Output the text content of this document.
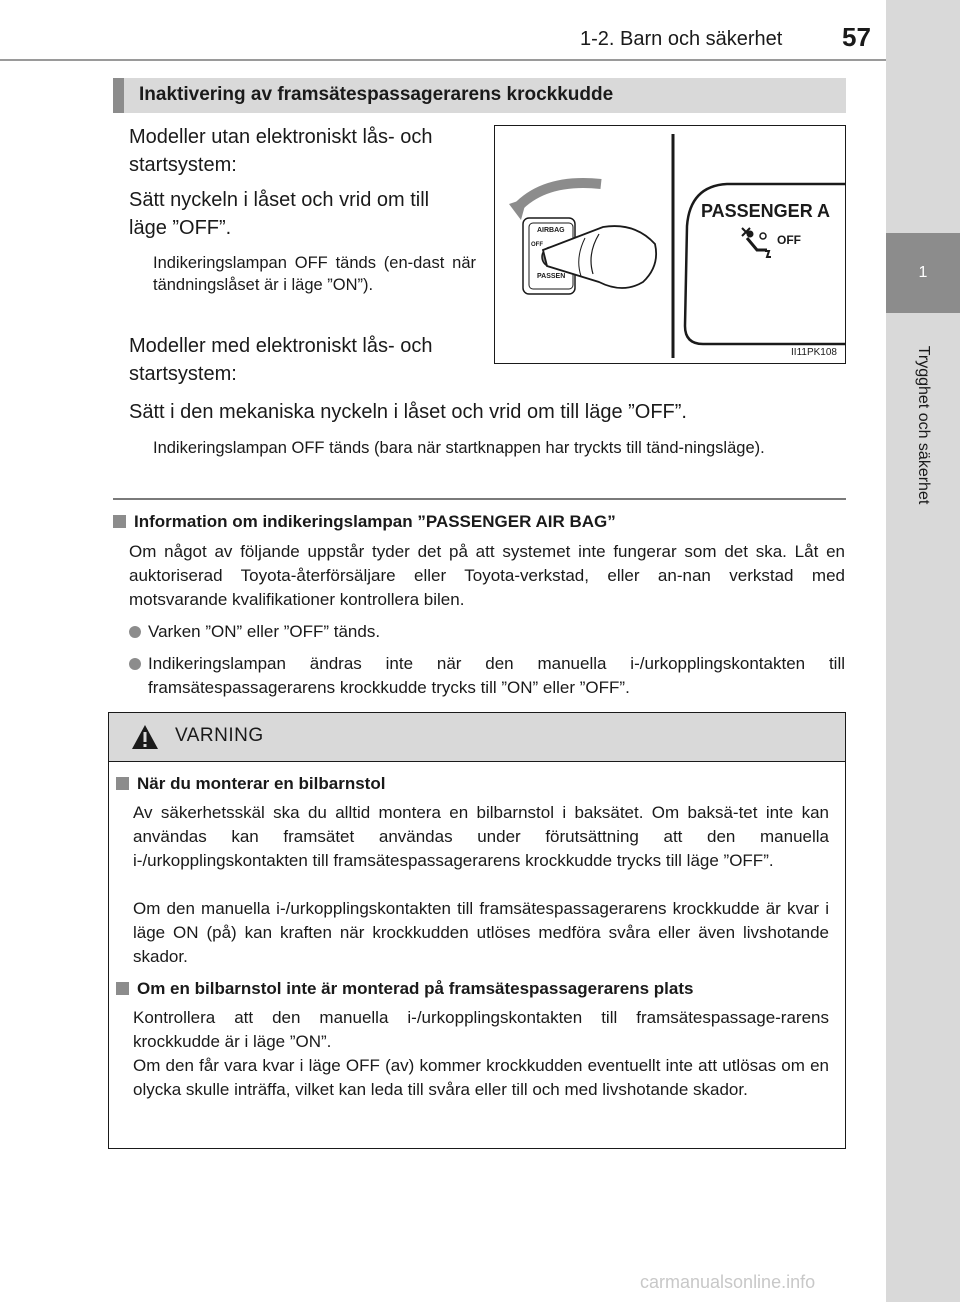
1
Trygghet och säkerhet
1-2. Barn och säkerhet 57
Inaktivering av framsätespassagerarens krockkudde

Modeller utan elektroniskt lås- och

startsystem:

Sätt nyckeln i låset och vrid om till

läge ”OFF”.

Indikeringslampan OFF tänds (en-dast när tändningslåset är i läge ”ON”).

Modeller med elektroniskt lås- och

startsystem:

Sätt i den mekaniska nyckeln i låset och vrid om till läge ”OFF”.

Indikeringslampan OFF tänds (bara när startknappen har tryckts till tänd-ningsläge).

PASSENGER A
OFF
AIRBAG
OFF
PASSEN
II11PK108
Information om indikeringslampan ”PASSENGER AIR BAG”

Om något av följande uppstår tyder det på att systemet inte fungerar som det ska. Låt en auktoriserad Toyota-återförsäljare eller Toyota-verkstad, eller an-nan verkstad med motsvarande kvalifikationer kontrollera bilen.

Varken ”ON” eller ”OFF” tänds.
Indikeringslampan ändras inte när den manuella i-/urkopplingskontakten till framsätespassagerarens krockkudde trycks till ”ON” eller ”OFF”.
VARNING
När du monterar en bilbarnstol

Av säkerhetsskäl ska du alltid montera en bilbarnstol i baksätet. Om baksä-tet inte kan användas kan framsätet användas under förutsättning att den manuella i-/urkopplingskontakten till framsätespassagerarens krockkudde trycks till läge ”OFF”.

Om den manuella i-/urkopplingskontakten till framsätespassagerarens krockkudde är kvar i läge ON (på) kan kraften när krockkudden utlöses medföra svåra eller även livshotande skador.

Om en bilbarnstol inte är monterad på framsätespassagerarens plats

Kontrollera att den manuella i-/urkopplingskontakten till framsätespassage-rarens krockkudde är i läge ”ON”.

Om den får vara kvar i läge OFF (av) kommer krockkudden eventuellt inte att utlösas om en olycka skulle inträffa, vilket kan leda till svåra eller till och med livshotande skador.

carmanualsonline.info
